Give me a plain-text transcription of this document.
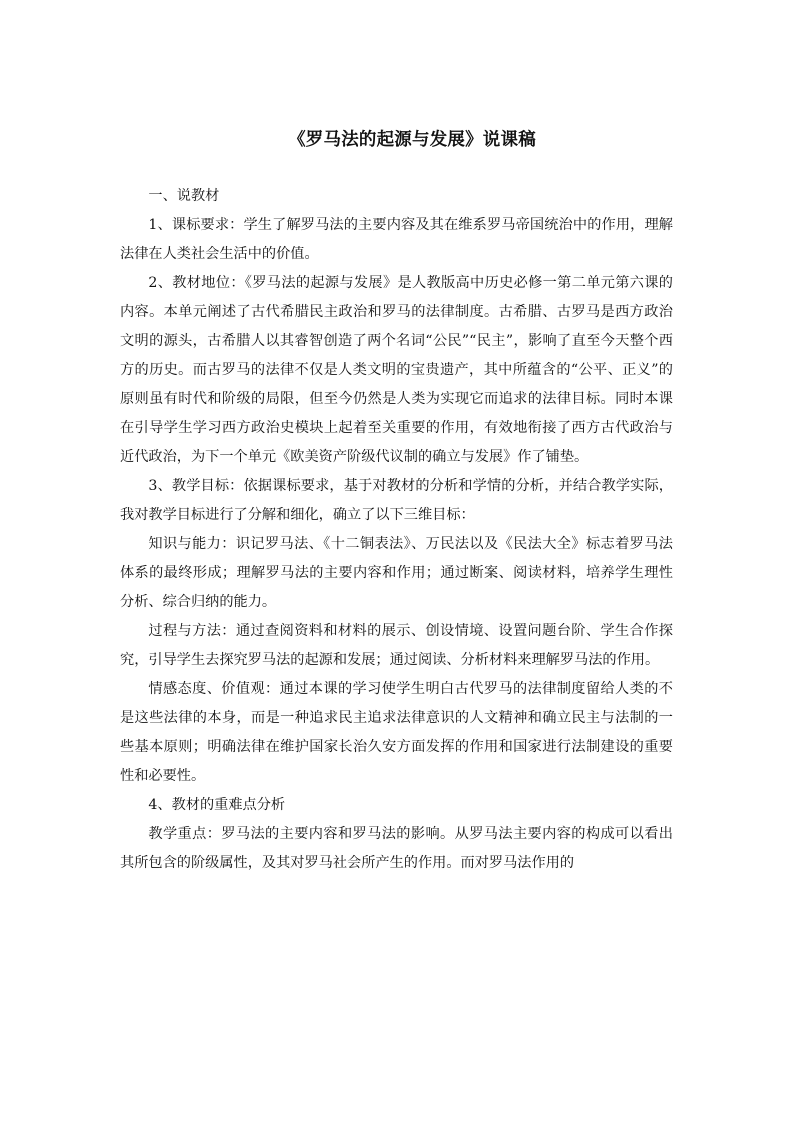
《罗马法的起源与发展》说课稿

一、说教材

1、课标要求：学生了解罗马法的主要内容及其在维系罗马帝国统治中的作用，理解法律在人类社会生活中的价值。

2、教材地位：《罗马法的起源与发展》是人教版高中历史必修一第二单元第六课的内容。本单元阐述了古代希腊民主政治和罗马的法律制度。古希腊、古罗马是西方政治文明的源头，古希腊人以其睿智创造了两个名词“公民”“民主”，影响了直至今天整个西方的历史。而古罗马的法律不仅是人类文明的宝贵遗产，其中所蕴含的“公平、正义”的原则虽有时代和阶级的局限，但至今仍然是人类为实现它而追求的法律目标。同时本课在引导学生学习西方政治史模块上起着至关重要的作用，有效地衔接了西方古代政治与近代政治，为下一个单元《欧美资产阶级代议制的确立与发展》作了铺垫。

3、教学目标：依据课标要求，基于对教材的分析和学情的分析，并结合教学实际，我对教学目标进行了分解和细化，确立了以下三维目标：

知识与能力：识记罗马法、《十二铜表法》、万民法以及《民法大全》标志着罗马法体系的最终形成；理解罗马法的主要内容和作用；通过断案、阅读材料，培养学生理性分析、综合归纳的能力。

过程与方法：通过查阅资料和材料的展示、创设情境、设置问题台阶、学生合作探究，引导学生去探究罗马法的起源和发展；通过阅读、分析材料来理解罗马法的作用。

情感态度、价值观：通过本课的学习使学生明白古代罗马的法律制度留给人类的不是这些法律的本身，而是一种追求民主追求法律意识的人文精神和确立民主与法制的一些基本原则；明确法律在维护国家长治久安方面发挥的作用和国家进行法制建设的重要性和必要性。

4、教材的重难点分析

教学重点：罗马法的主要内容和罗马法的影响。从罗马法主要内容的构成可以看出其所包含的阶级属性，及其对罗马社会所产生的作用。而对罗马法作用的
